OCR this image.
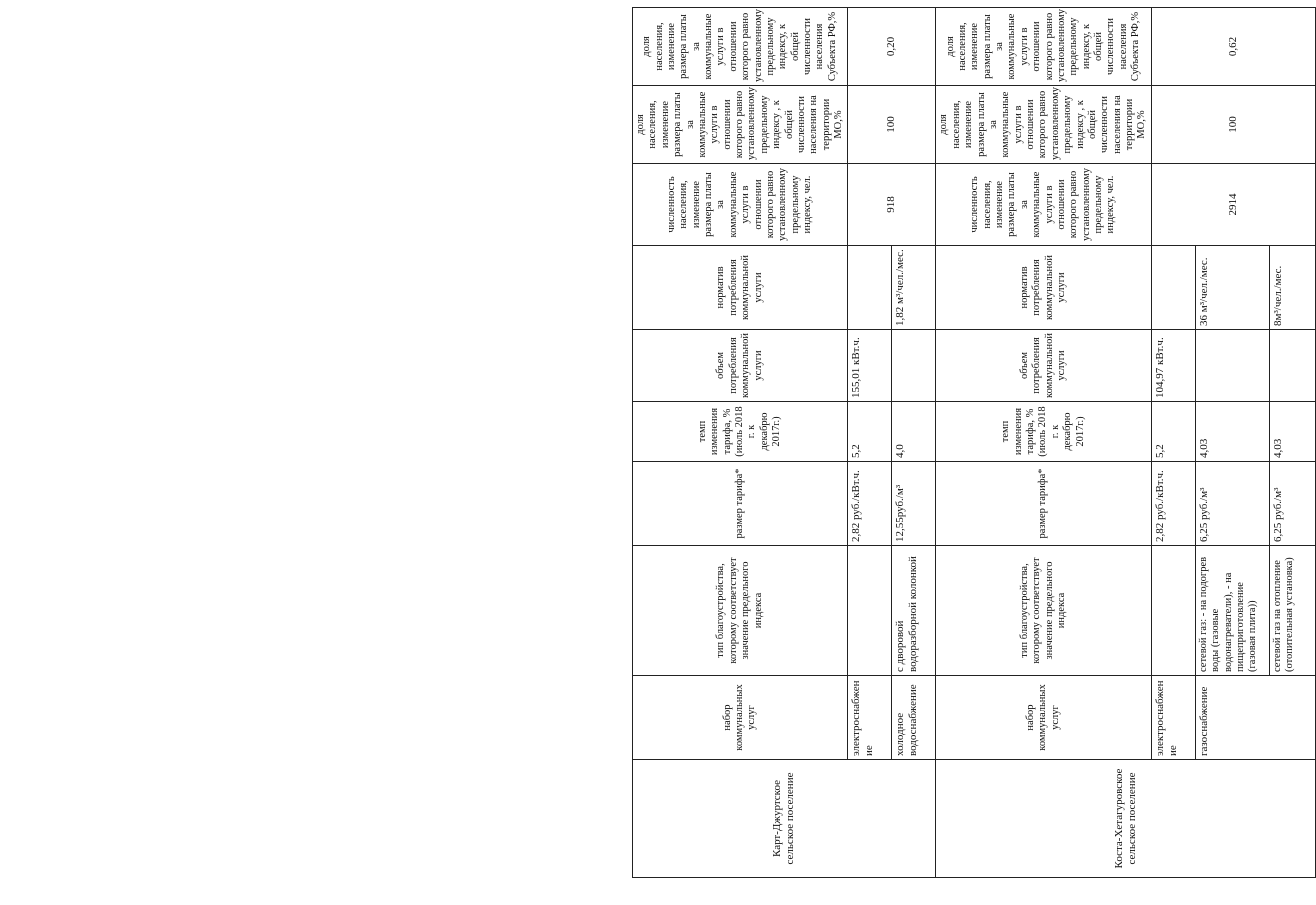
Карт-Джуртское сельское поселение	набор коммунальных услуг	тип благоустройства, которому соответствует значение предельного индекса	размер тарифа*	темп изменения тарифа, % (июль 2018 г. к декабрю 2017г.)	объем потребления коммунальной услуги	норматив потребления коммунальной услуги	численность населения, изменение размера платы за коммунальные услуги в отношении которого равно установленному предельному индексу, чел.	доля населения, изменение размера платы за коммунальные услуги в отношении которого равно установленному предельному индексу , к общей численности населения на территории МО,%	доля населения, изменение размера платы за коммунальные услуги в отношении которого равно установленному предельному индексу, к общей численности населения Субъекта РФ,%
	электроснабжен ие		2,82 руб./кВт.ч.	5,2	155,01 кВт.ч.		918	100	0,20
	холодное водоснабжение	с дворовой водоразборной колонкой	12,55руб./м³	4,0		1,82 м³/чел./мес.			
Коста-Хетагуровское сельское поселение	набор коммунальных услуг	тип благоустройства, которому соответствует значение предельного индекса	размер тарифа*	темп изменения тарифа, % (июль 2018 г. к декабрю 2017г.)	объем потребления коммунальной услуги	норматив потребления коммунальной услуги	численность населения, изменение размера платы за коммунальные услуги в отношении которого равно установленному предельному индексу, чел.	доля населения, изменение размера платы за коммунальные услуги в отношении которого равно установленному предельному индексу , к общей численности населения на территории МО,%	доля населения, изменение размера платы за коммунальные услуги в отношении которого равно установленному предельному индексу, к общей численности населения Субъекта РФ,%
	электроснабжен ие		2,82 руб./кВт.ч.	5,2	104,97 кВт.ч.		2914	100	0,62
	газоснабжение	сетевой газ: - на подогрев воды (газовые водонагреватели), - на пищеприготовление (газовая плита))	6,25 руб./м³	4,03		36 м³/чел./мес.			
		сетевой газ на отопление (отопительная установка)	6,25 руб./м³	4,03		8м³/чел./мес.			
